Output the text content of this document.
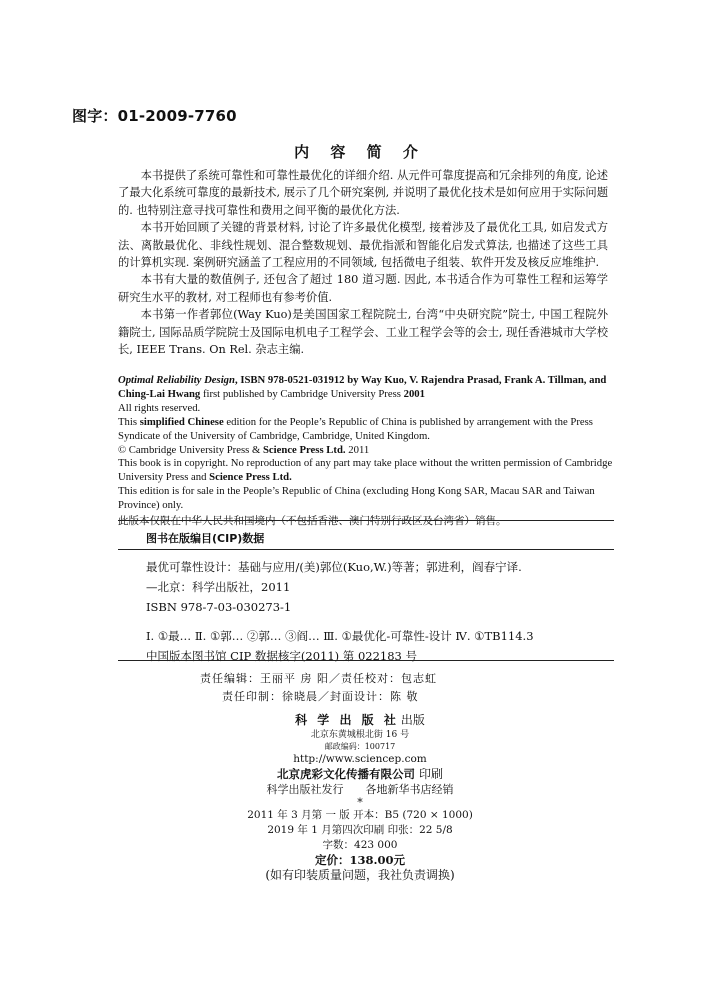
图字：01-2009-7760
内 容 简 介

本书提供了系统可靠性和可靠性最优化的详细介绍. 从元件可靠度提高和冗余排列的角度, 论述了最大化系统可靠度的最新技术, 展示了几个研究案例, 并说明了最优化技术是如何应用于实际问题的. 也特别注意寻找可靠性和费用之间平衡的最优化方法.

本书开始回顾了关键的背景材料, 讨论了许多最优化模型, 接着涉及了最优化工具, 如启发式方法、离散最优化、非线性规划、混合整数规划、最优指派和智能化启发式算法, 也描述了这些工具的计算机实现. 案例研究涵盖了工程应用的不同领域, 包括微电子组装、软件开发及核反应堆维护.

本书有大量的数值例子, 还包含了超过 180 道习题. 因此, 本书适合作为可靠性工程和运筹学研究生水平的教材, 对工程师也有参考价值.

本书第一作者郭位(Way Kuo)是美国国家工程院院士, 台湾“中央研究院”院士, 中国工程院外籍院士, 国际品质学院院士及国际电机电子工程学会、工业工程学会等的会士, 现任香港城市大学校长, IEEE Trans. On Rel. 杂志主编.

Optimal Reliability Design, ISBN 978-0521-031912 by Way Kuo, V. Rajendra Prasad, Frank A. Tillman, and Ching-Lai Hwang first published by Cambridge University Press 2001

All rights reserved.

This simplified Chinese edition for the People’s Republic of China is published by arrangement with the Press Syndicate of the University of Cambridge, Cambridge, United Kingdom.

© Cambridge University Press & Science Press Ltd. 2011

This book is in copyright. No reproduction of any part may take place without the written permission of Cambridge University Press and Science Press Ltd.

This edition is for sale in the People’s Republic of China (excluding Hong Kong SAR, Macau SAR and Taiwan Province) only.

此版本仅限在中华人民共和国境内（不包括香港、澳门特别行政区及台湾省）销售。

图书在版编目(CIP)数据

最优可靠性设计：基础与应用/(美)郭位(Kuo,W.)等著；郭进利，阎春宁译.

—北京：科学出版社，2011

ISBN 978-7-03-030273-1

Ⅰ. ①最… Ⅱ. ①郭… ②郭… ③阎… Ⅲ. ①最优化-可靠性-设计 Ⅳ. ①TB114.3

中国版本图书馆 CIP 数据核字(2011) 第 022183 号

责任编辑：王丽平 房 阳／责任校对：包志虹

责任印制：徐晓晨／封面设计：陈 敬

科 学 出 版 社 出版

北京东黄城根北街 16 号

邮政编码：100717

http://www.sciencep.com

北京虎彩文化传播有限公司 印刷

科学出版社发行 各地新华书店经销

*

2011 年 3 月第 一 版 开本：B5 (720 × 1000)

2019 年 1 月第四次印刷 印张：22 5/8

字数：423 000

定价：138.00元

(如有印装质量问题，我社负责调换)
